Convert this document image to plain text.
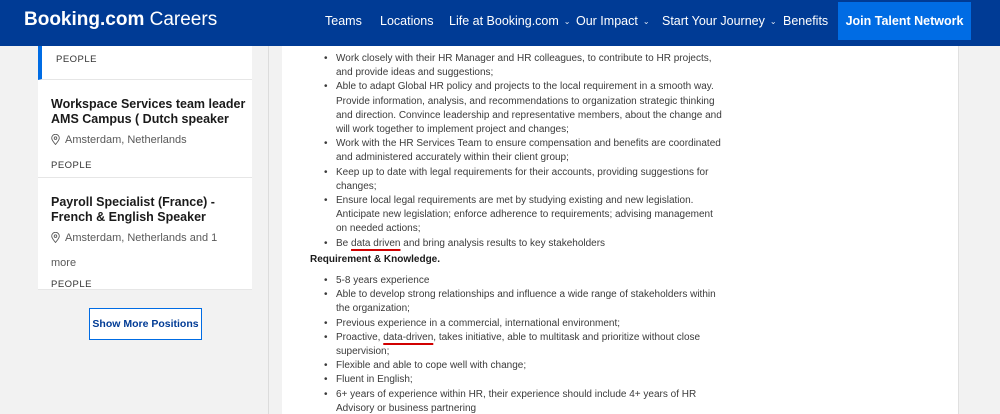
Booking.com Careers	Teams Locations Life at Booking.com ⌄ Our Impact ⌄ Start Your Journey ⌄ Benefits	Join Talent Network
PEOPLE
Workspace Services team leader AMS Campus ( Dutch speaker
Amsterdam, Netherlands
PEOPLE
Payroll Specialist (France) - French & English Speaker
Amsterdam, Netherlands and 1
more
PEOPLE
Show More Positions
• Work closely with their HR Manager and HR colleagues, to contribute to HR projects, and provide ideas and suggestions;
• Able to adapt Global HR policy and projects to the local requirement in a smooth way. Provide information, analysis, and recommendations to organization strategic thinking and direction. Convince leadership and representative members, about the change and will work together to implement project and changes;
• Work with the HR Services Team to ensure compensation and benefits are coordinated and administered accurately within their client group;
• Keep up to date with legal requirements for their accounts, providing suggestions for changes;
• Ensure local legal requirements are met by studying existing and new legislation. Anticipate new legislation; enforce adherence to requirements; advising management on needed actions;
• Be data driven and bring analysis results to key stakeholders
Requirement & Knowledge.
• 5-8 years experience
• Able to develop strong relationships and influence a wide range of stakeholders within the organization;
• Previous experience in a commercial, international environment;
• Proactive, data-driven, takes initiative, able to multitask and prioritize without close supervision;
• Flexible and able to cope well with change;
• Fluent in English;
• 6+ years of experience within HR, their experience should include 4+ years of HR Advisory or business partnering
